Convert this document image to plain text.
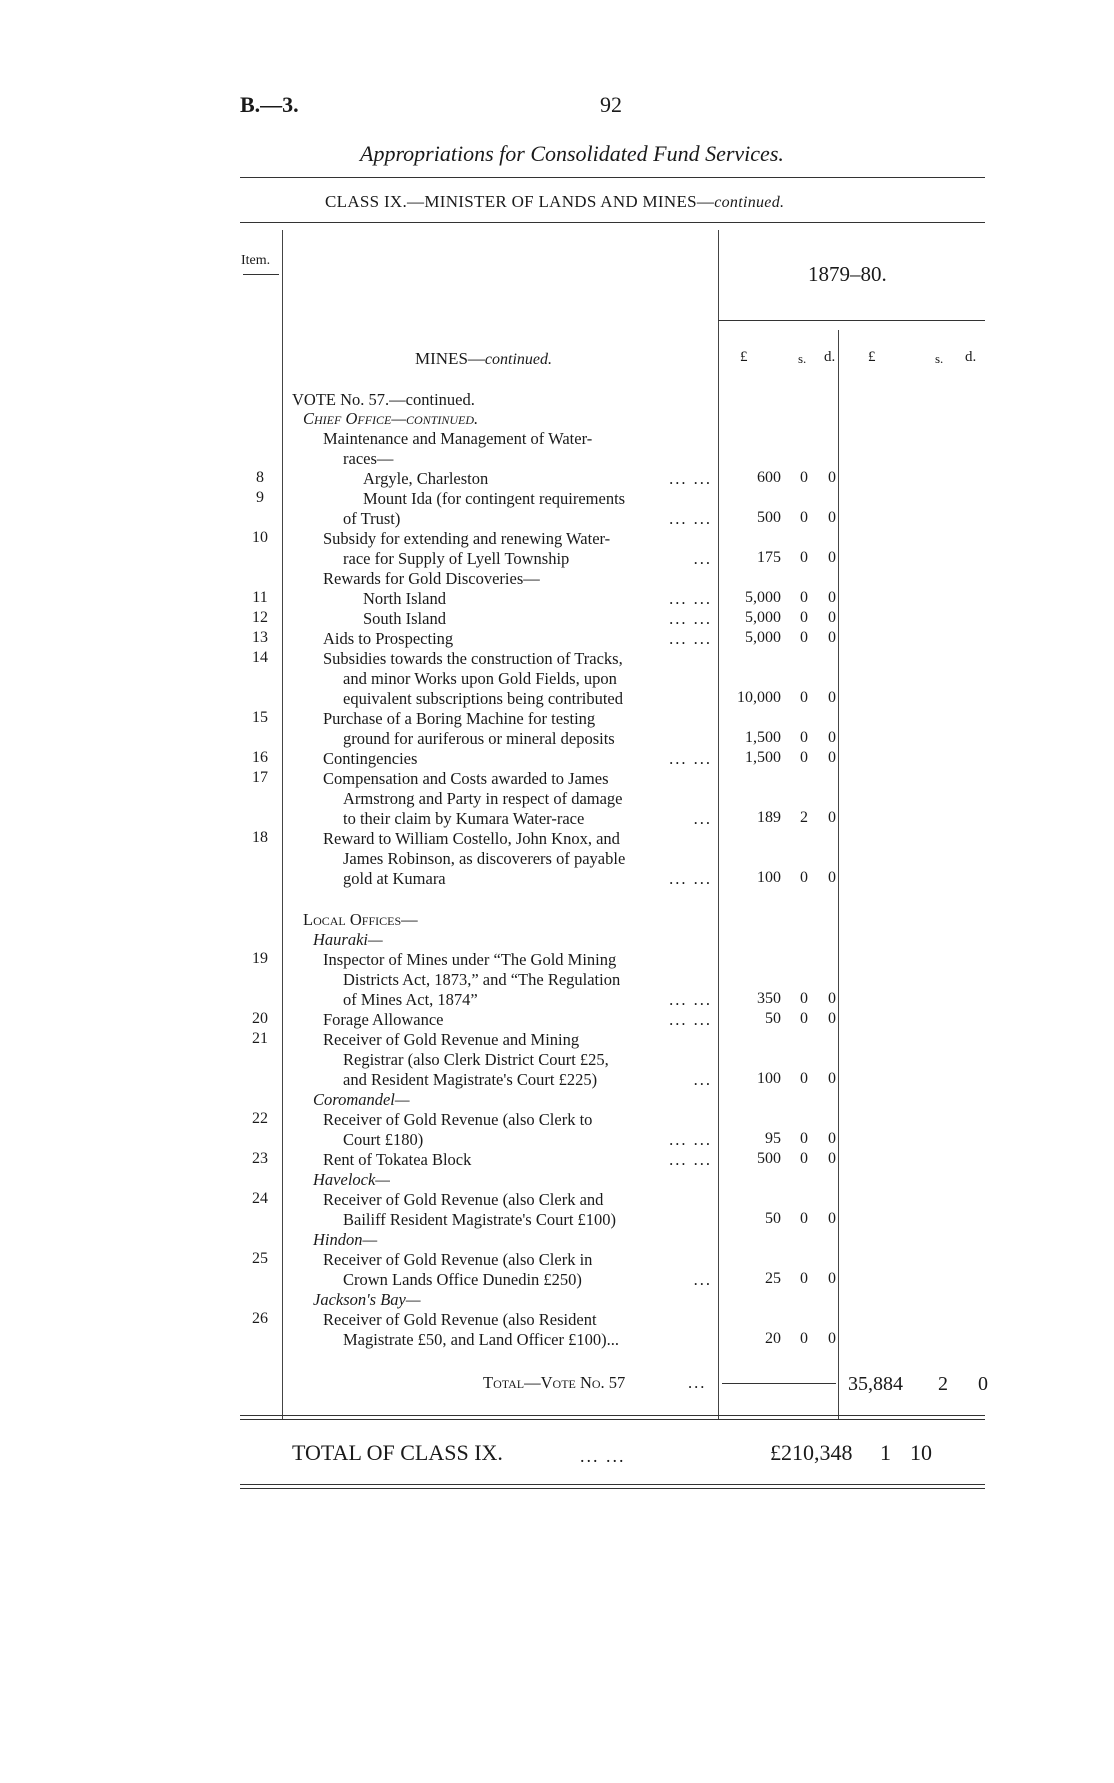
B.—3.	92
Appropriations for Consolidated Fund Services.
CLASS IX.—MINISTER OF LANDS AND MINES—continued.
Item.
1879–80.
MINES—continued.	£	s. d. £	s. d.
VOTE No. 57.—continued.
Chief Office—continued.
Maintenance and Management of Water-
races—
Rewards for Gold Discoveries—
8	Argyle, Charleston	... ...	600 0 0
9	Mount Ida (for contingent requirements
of Trust)	... ...	500 0 0
10	Subsidy for extending and renewing Water-
race for Supply of Lyell Township	...	175 0 0
11	North Island	... ... 5,000 0 0
12	South Island	... ... 5,000 0 0
13	Aids to Prospecting	... ... 5,000 0 0
14	Subsidies towards the construction of Tracks,
and minor Works upon Gold Fields, upon
equivalent subscriptions being contributed	10,000 0 0
15	Purchase of a Boring Machine for testing
ground for auriferous or mineral deposits	1,500 0 0
16	Contingencies	... ... 1,500 0 0
17	Compensation and Costs awarded to James
Armstrong and Party in respect of damage
to their claim by Kumara Water-race	...	189 2 0
18	Reward to William Costello, John Knox, and
James Robinson, as discoverers of payable
gold at Kumara	... ...	100 0 0
19	Inspector of Mines under “The Gold Mining
Districts Act, 1873,” and “The Regulation
of Mines Act, 1874”	... ...	350 0 0
20	Forage Allowance	... ...	50 0 0
21	Receiver of Gold Revenue and Mining
Registrar (also Clerk District Court £25,
and Resident Magistrate's Court £225)	...	100 0 0
22	Receiver of Gold Revenue (also Clerk to
Court £180)	... ...	95 0 0
23	Rent of Tokatea Block	... ...	500 0 0
24	Receiver of Gold Revenue (also Clerk and
Bailiff Resident Magistrate's Court £100)	50 0 0
25	Receiver of Gold Revenue (also Clerk in
Crown Lands Office Dunedin £250)	...	25 0 0
26	Receiver of Gold Revenue (also Resident
Magistrate £50, and Land Officer £100)...	20 0 0
Local Offices—
Hauraki—
Coromandel—
Havelock—
Hindon—
Jackson's Bay—
Total—Vote No. 57	...	35,884 2 0
TOTAL OF CLASS IX.	... ...	£210,348 1 10
